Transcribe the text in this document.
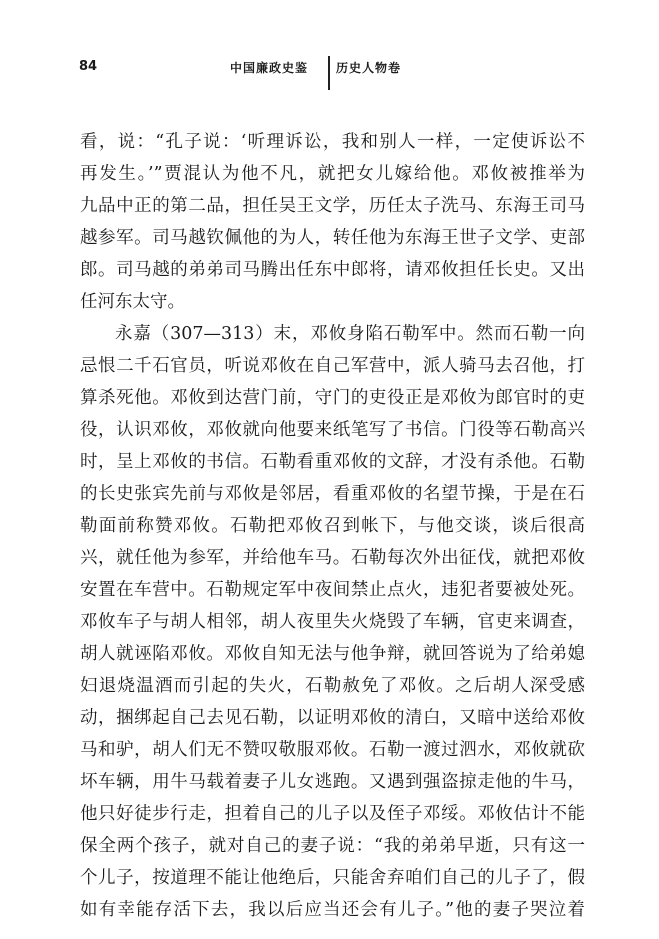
84	中国廉政史鉴 历史人物卷
看，说：“孔子说：‘听理诉讼，我和别人一样，一定使诉讼不
再发生。’”贾混认为他不凡，就把女儿嫁给他。邓攸被推举为
九品中正的第二品，担任吴王文学，历任太子洗马、东海王司马
越参军。司马越钦佩他的为人，转任他为东海王世子文学、吏部
郎。司马越的弟弟司马腾出任东中郎将，请邓攸担任长史。又出
任河东太守。
永嘉（307—313）末，邓攸身陷石勒军中。然而石勒一向
忌恨二千石官员，听说邓攸在自己军营中，派人骑马去召他，打
算杀死他。邓攸到达营门前，守门的吏役正是邓攸为郎官时的吏
役，认识邓攸，邓攸就向他要来纸笔写了书信。门役等石勒高兴
时，呈上邓攸的书信。石勒看重邓攸的文辞，才没有杀他。石勒
的长史张宾先前与邓攸是邻居，看重邓攸的名望节操，于是在石
勒面前称赞邓攸。石勒把邓攸召到帐下，与他交谈，谈后很高
兴，就任他为参军，并给他车马。石勒每次外出征伐，就把邓攸
安置在车营中。石勒规定军中夜间禁止点火，违犯者要被处死。
邓攸车子与胡人相邻，胡人夜里失火烧毁了车辆，官吏来调查，
胡人就诬陷邓攸。邓攸自知无法与他争辩，就回答说为了给弟媳
妇退烧温酒而引起的失火，石勒赦免了邓攸。之后胡人深受感
动，捆绑起自己去见石勒，以证明邓攸的清白，又暗中送给邓攸
马和驴，胡人们无不赞叹敬服邓攸。石勒一渡过泗水，邓攸就砍
坏车辆，用牛马载着妻子儿女逃跑。又遇到强盗掠走他的牛马，
他只好徒步行走，担着自己的儿子以及侄子邓绥。邓攸估计不能
保全两个孩子，就对自己的妻子说：“我的弟弟早逝，只有这一
个儿子，按道理不能让他绝后，只能舍弃咱们自己的儿子了，假
如有幸能存活下去，我以后应当还会有儿子。”他的妻子哭泣着
